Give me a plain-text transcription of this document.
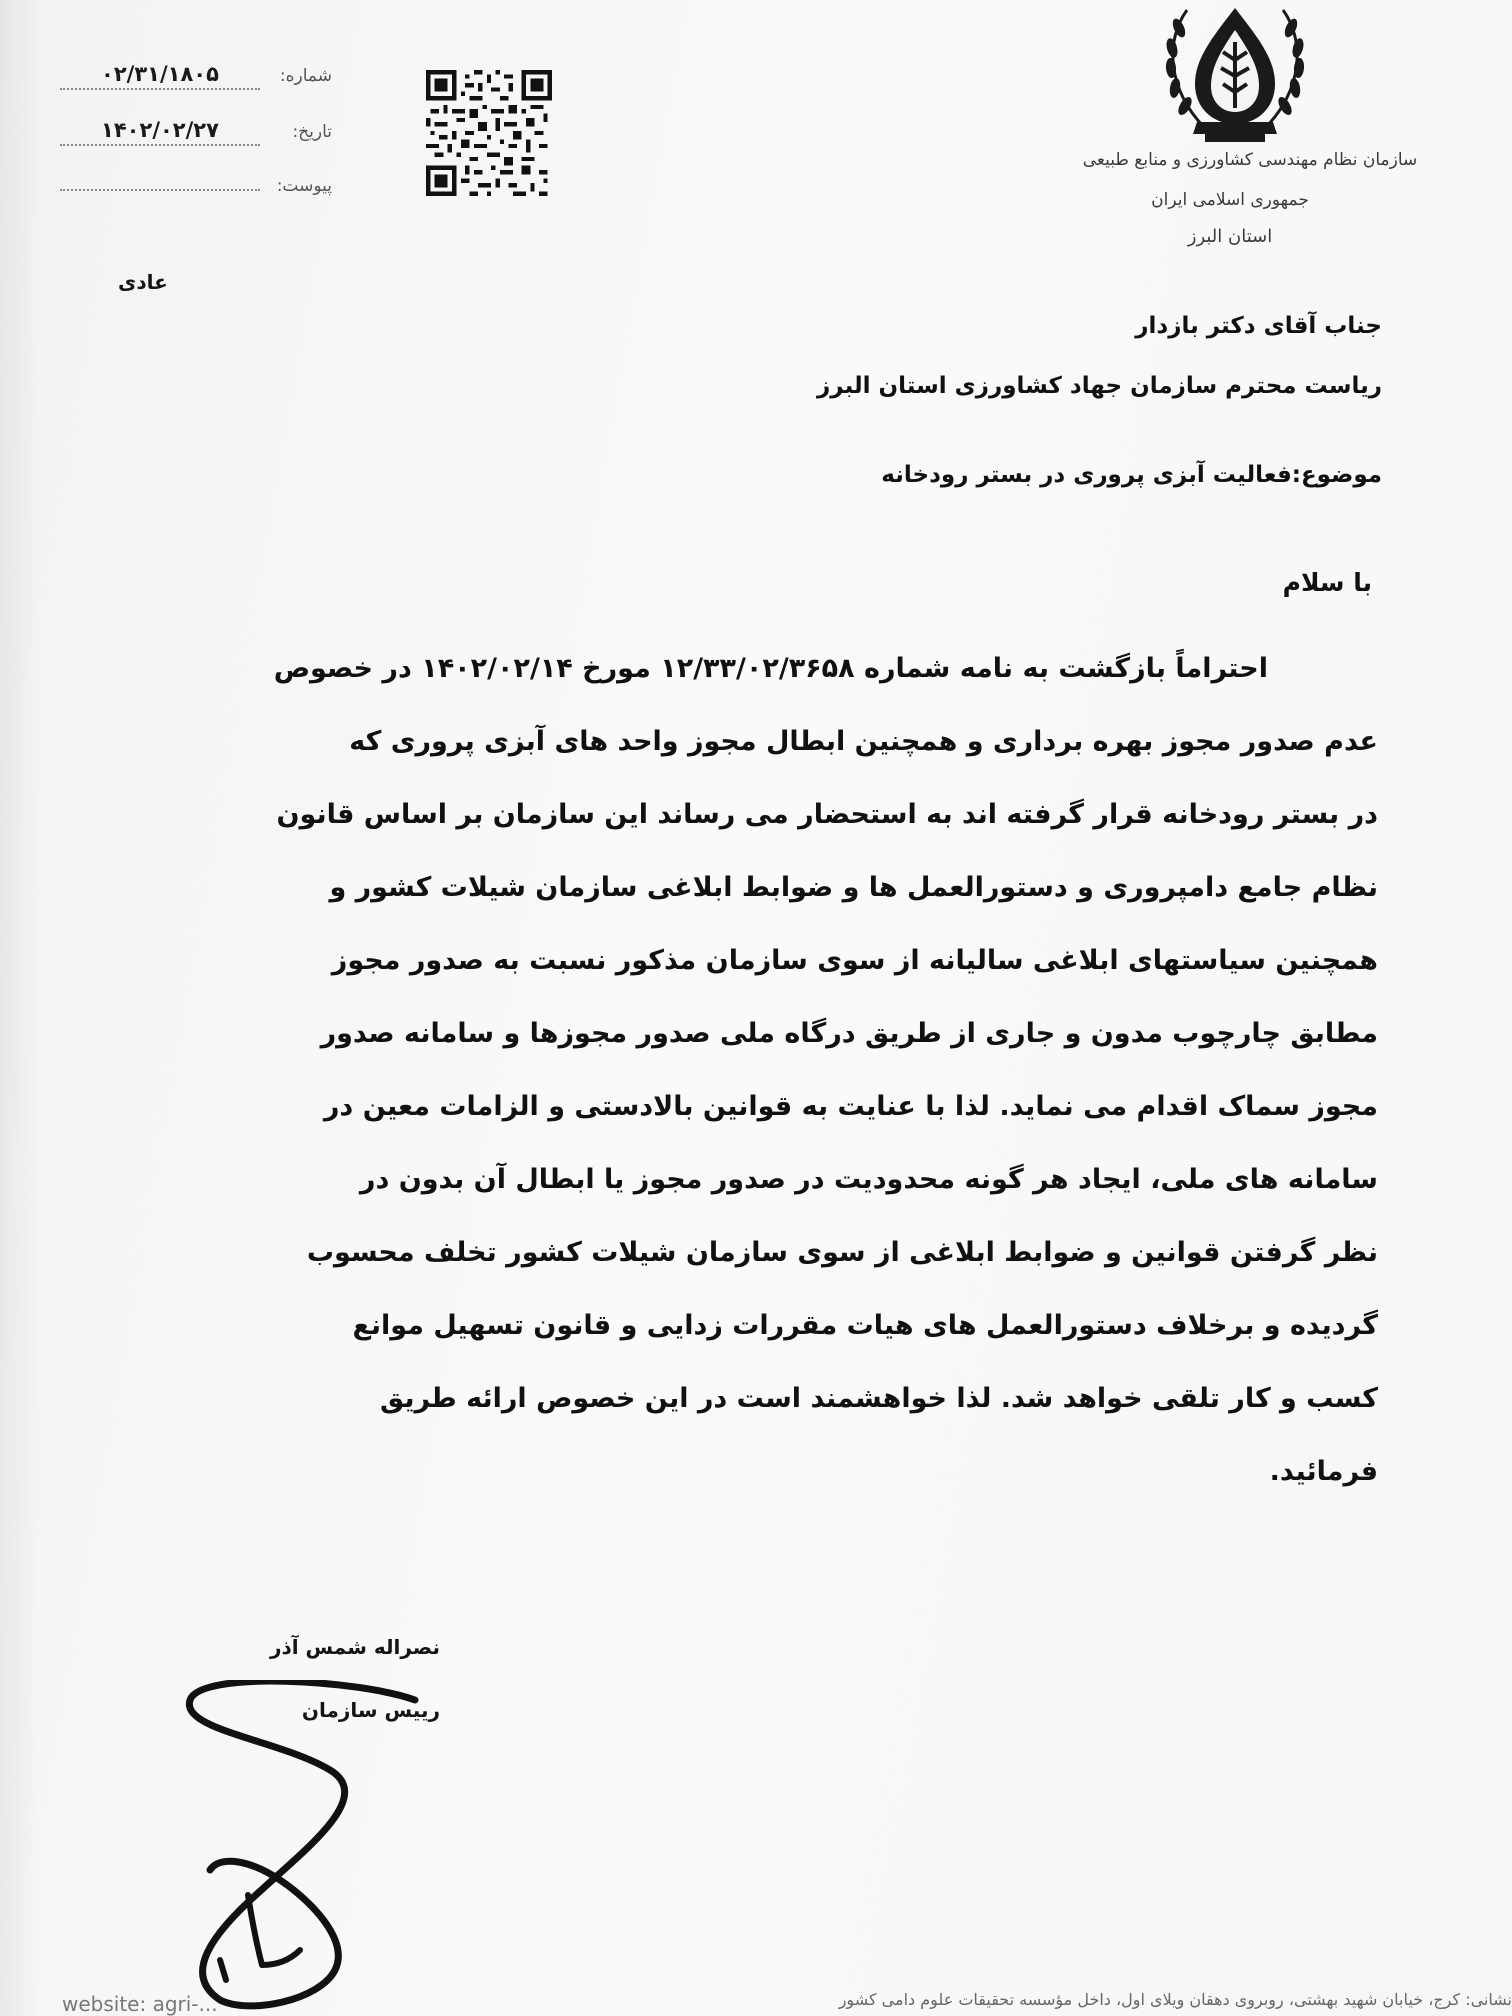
سازمان نظام مهندسی کشاورزی و منابع طبیعی
جمهوری اسلامی ایران
استان البرز
شماره:
۰۲/۳۱/۱۸۰۵
تاریخ:
۱۴۰۲/۰۲/۲۷
پیوست:
عادی
جناب آقای دکتر بازدار
ریاست محترم سازمان جهاد کشاورزی استان البرز
موضوع:فعالیت آبزی پروری در بستر رودخانه
با سلام
احتراماً بازگشت به نامه شماره ۱۲/۳۳/۰۲/۳۶۵۸ مورخ ۱۴۰۲/۰۲/۱۴ در خصوص
عدم صدور مجوز بهره برداری و همچنین ابطال مجوز واحد های آبزی پروری که
در بستر رودخانه قرار گرفته اند به استحضار می رساند این سازمان بر اساس قانون
نظام جامع دامپروری و دستورالعمل ها و ضوابط ابلاغی سازمان شیلات کشور و
همچنین سیاستهای ابلاغی سالیانه از سوی سازمان مذکور نسبت به صدور مجوز
مطابق چارچوب مدون و جاری از طریق درگاه ملی صدور مجوزها و سامانه صدور
مجوز سماک اقدام می نماید. لذا با عنایت به قوانین بالادستی و الزامات معین در
سامانه های ملی، ایجاد هر گونه محدودیت در صدور مجوز یا ابطال آن بدون در
نظر گرفتن قوانین و ضوابط ابلاغی از سوی سازمان شیلات کشور تخلف محسوب
گردیده و برخلاف دستورالعمل های هیات مقررات زدایی و قانون تسهیل موانع
کسب و کار تلقی خواهد شد. لذا خواهشمند است در این خصوص ارائه طریق
فرمائید.
نصراله شمس آذر
رییس سازمان
website: agri-...	نشانی: کرج، خیابان شهید بهشتی، روبروی دهقان ویلای اول، داخل مؤسسه تحقیقات علوم دامی کشور
